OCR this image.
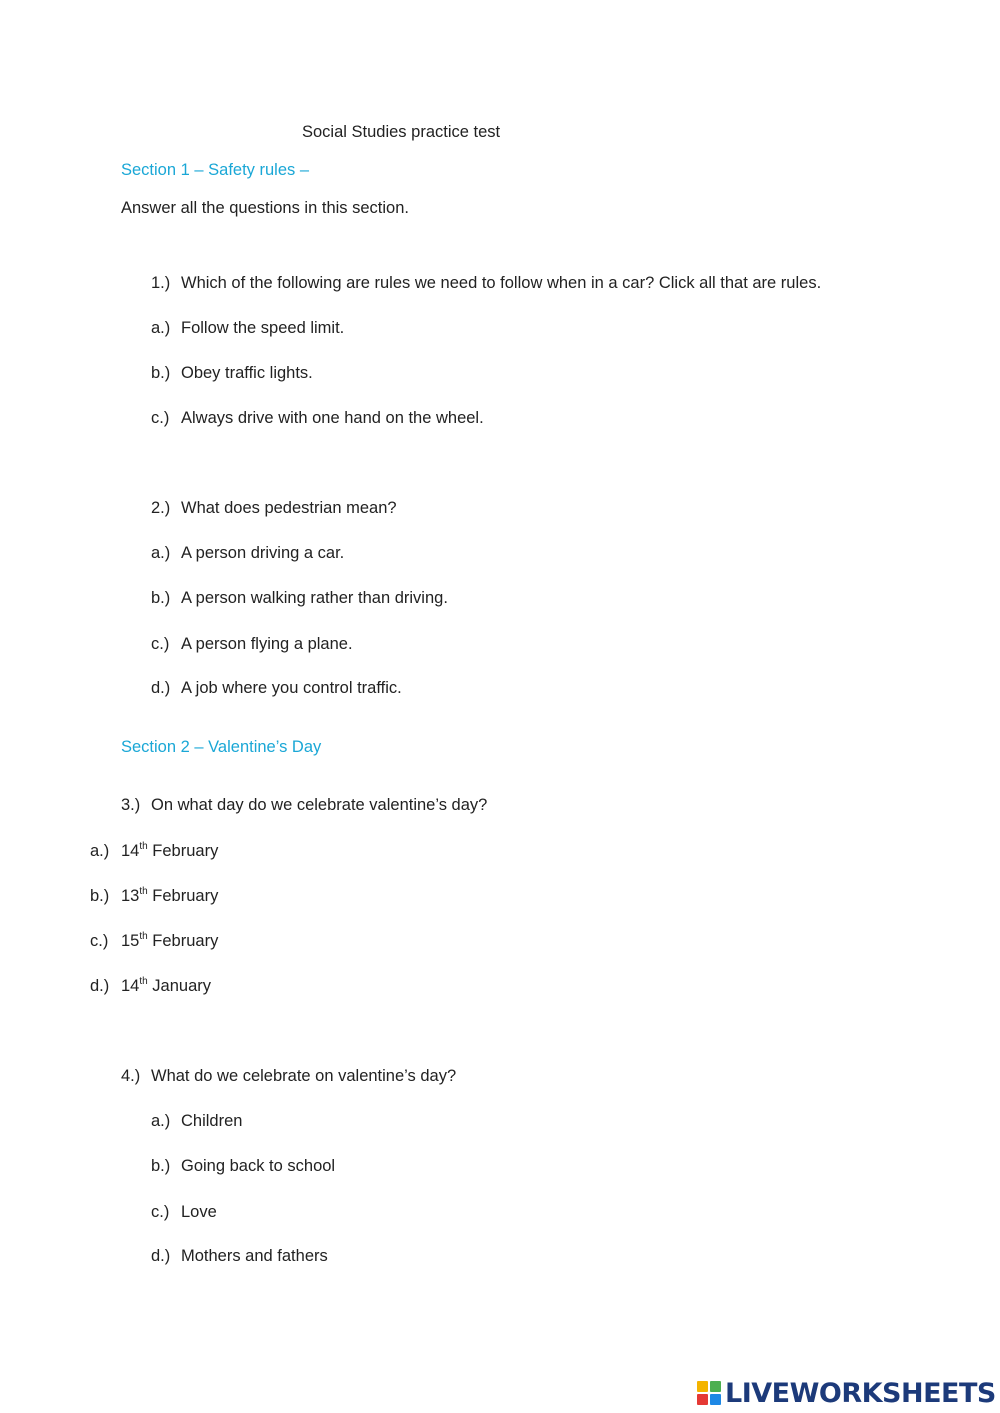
Social Studies practice test
Section 1 – Safety rules –
Answer all the questions in this section.
1.) Which of the following are rules we need to follow when in a car? Click all that are rules.
a.) Follow the speed limit.
b.) Obey traffic lights.
c.) Always drive with one hand on the wheel.
2.) What does pedestrian mean?
a.) A person driving a car.
b.) A person walking rather than driving.
c.) A person flying a plane.
d.) A job where you control traffic.
Section 2 – Valentine’s Day
3.) On what day do we celebrate valentine’s day?
a.) 14th February
b.) 13th February
c.) 15th February
d.) 14th January
4.) What do we celebrate on valentine’s day?
a.) Children
b.) Going back to school
c.) Love
d.) Mothers and fathers
LIVEWORKSHEETS
